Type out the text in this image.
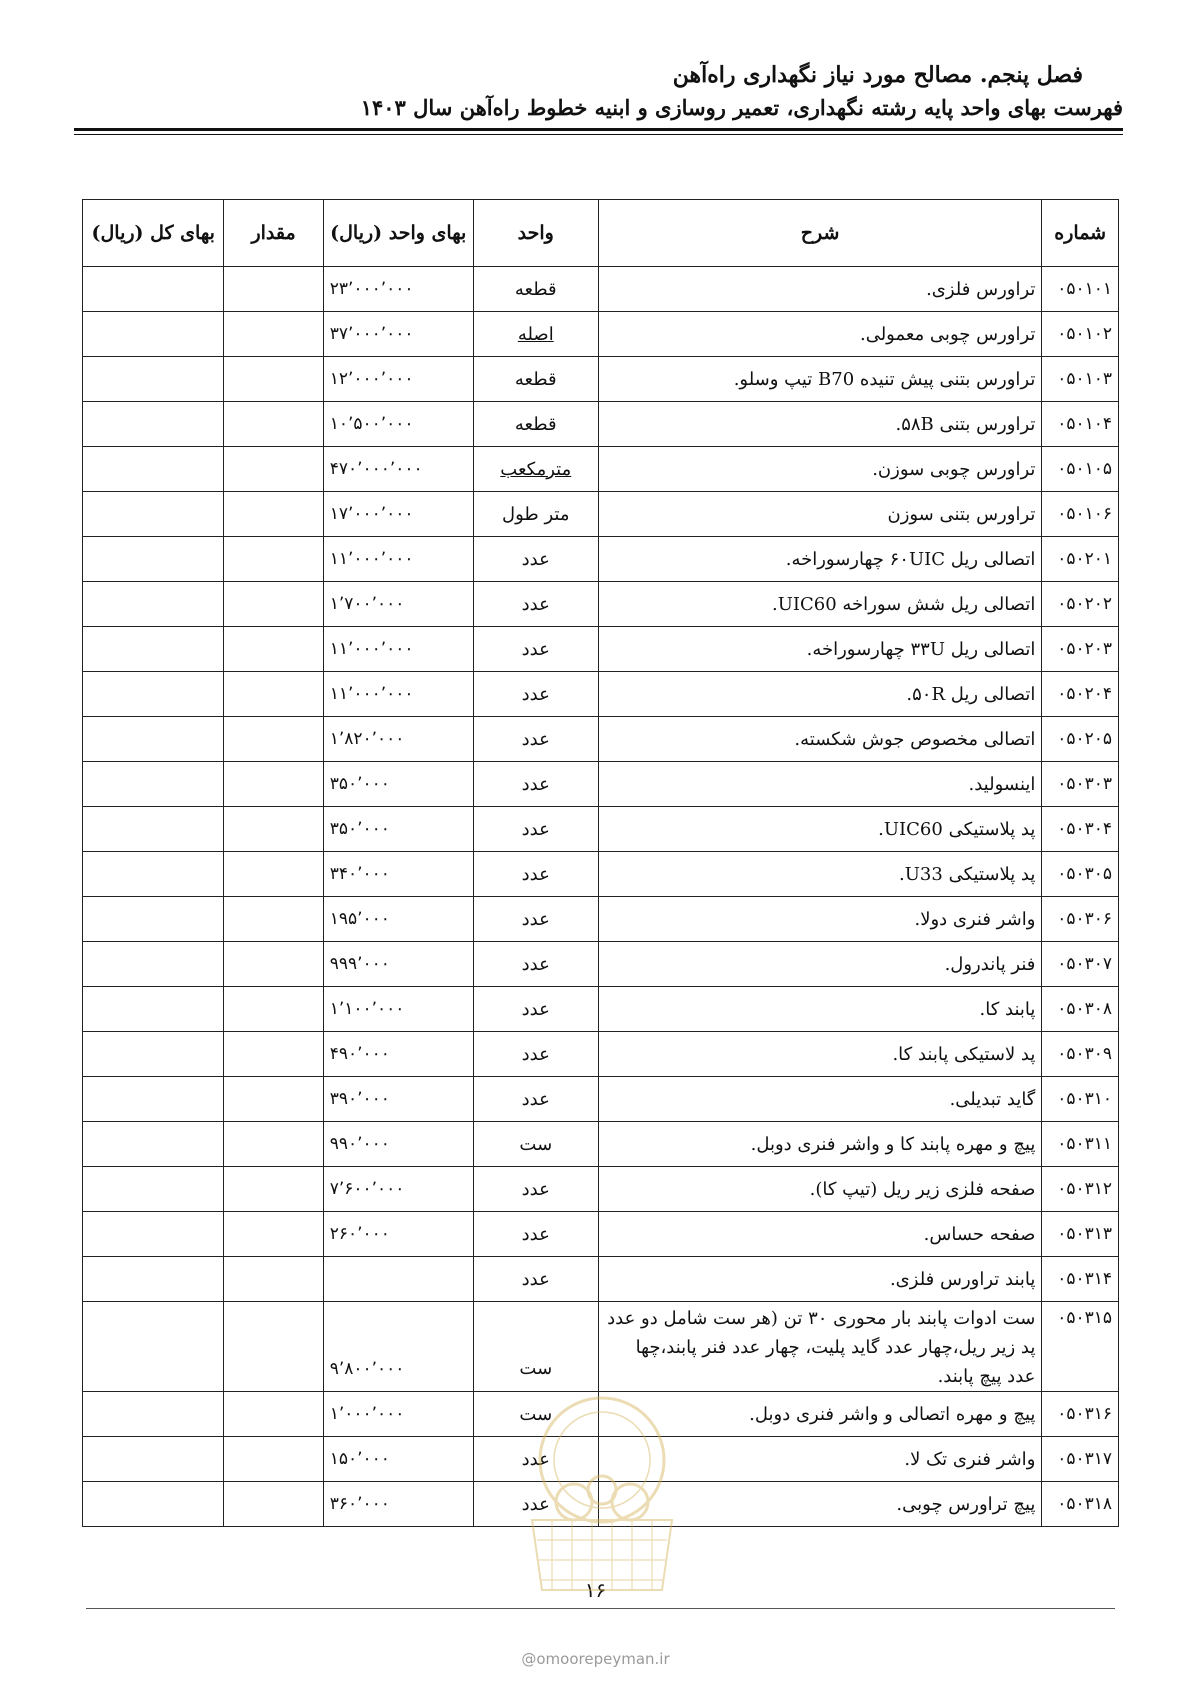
فصل پنجم. مصالح مورد نیاز نگهداری راه‌آهن
فهرست بهای واحد پایه رشته نگهداری، تعمیر روسازی و ابنیه خطوط راه‌آهن سال ۱۴۰۳
شماره	شرح	واحد	بهای واحد (ریال)	مقدار	بهای کل (ریال)
۰۵۰۱۰۱	تراورس فلزی.	قطعه	۲۳٬۰۰۰٬۰۰۰		
۰۵۰۱۰۲	تراورس چوبی معمولی.	اصله	۳۷٬۰۰۰٬۰۰۰		
۰۵۰۱۰۳	تراورس بتنی پیش تنیده B70 تیپ وسلو.	قطعه	۱۲٬۰۰۰٬۰۰۰		
۰۵۰۱۰۴	تراورس بتنی ۵۸B.	قطعه	۱۰٬۵۰۰٬۰۰۰		
۰۵۰۱۰۵	تراورس چوبی سوزن.	مترمکعب	۴۷۰٬۰۰۰٬۰۰۰		
۰۵۰۱۰۶	تراورس بتنی سوزن	متر طول	۱۷٬۰۰۰٬۰۰۰		
۰۵۰۲۰۱	اتصالی ریل ۶۰UIC چهارسوراخه.	عدد	۱۱٬۰۰۰٬۰۰۰		
۰۵۰۲۰۲	اتصالی ریل شش سوراخه UIC60.	عدد	۱٬۷۰۰٬۰۰۰		
۰۵۰۲۰۳	اتصالی ریل ۳۳U چهارسوراخه.	عدد	۱۱٬۰۰۰٬۰۰۰		
۰۵۰۲۰۴	اتصالی ریل ۵۰R.	عدد	۱۱٬۰۰۰٬۰۰۰		
۰۵۰۲۰۵	اتصالی مخصوص جوش شکسته.	عدد	۱٬۸۲۰٬۰۰۰		
۰۵۰۳۰۳	اینسولید.	عدد	۳۵۰٬۰۰۰		
۰۵۰۳۰۴	پد پلاستیکی UIC60.	عدد	۳۵۰٬۰۰۰		
۰۵۰۳۰۵	پد پلاستیکی U33.	عدد	۳۴۰٬۰۰۰		
۰۵۰۳۰۶	واشر فنری دولا.	عدد	۱۹۵٬۰۰۰		
۰۵۰۳۰۷	فنر پاندرول.	عدد	۹۹۹٬۰۰۰		
۰۵۰۳۰۸	پابند کا.	عدد	۱٬۱۰۰٬۰۰۰		
۰۵۰۳۰۹	پد لاستیکی پابند کا.	عدد	۴۹۰٬۰۰۰		
۰۵۰۳۱۰	گاید تبدیلی.	عدد	۳۹۰٬۰۰۰		
۰۵۰۳۱۱	پیچ و مهره پابند کا و واشر فنری دوبل.	ست	۹۹۰٬۰۰۰		
۰۵۰۳۱۲	صفحه فلزی زیر ریل (تیپ کا).	عدد	۷٬۶۰۰٬۰۰۰		
۰۵۰۳۱۳	صفحه حساس.	عدد	۲۶۰٬۰۰۰		
۰۵۰۳۱۴	پابند تراورس فلزی.	عدد			
۰۵۰۳۱۵	ست ادوات پابند بار محوری ۳۰ تن (هر ست شامل دو عدد پد زیر ریل،چهار عدد گاید پلیت، چهار عدد فنر پابند،چها عدد پیچ پابند.	ست	۹٬۸۰۰٬۰۰۰		
۰۵۰۳۱۶	پیچ و مهره اتصالی و واشر فنری دوبل.	ست	۱٬۰۰۰٬۰۰۰		
۰۵۰۳۱۷	واشر فنری تک لا.	عدد	۱۵۰٬۰۰۰		
۰۵۰۳۱۸	پیچ تراورس چوبی.	عدد	۳۶۰٬۰۰۰		
۱۶
@omoorepeyman.ir
